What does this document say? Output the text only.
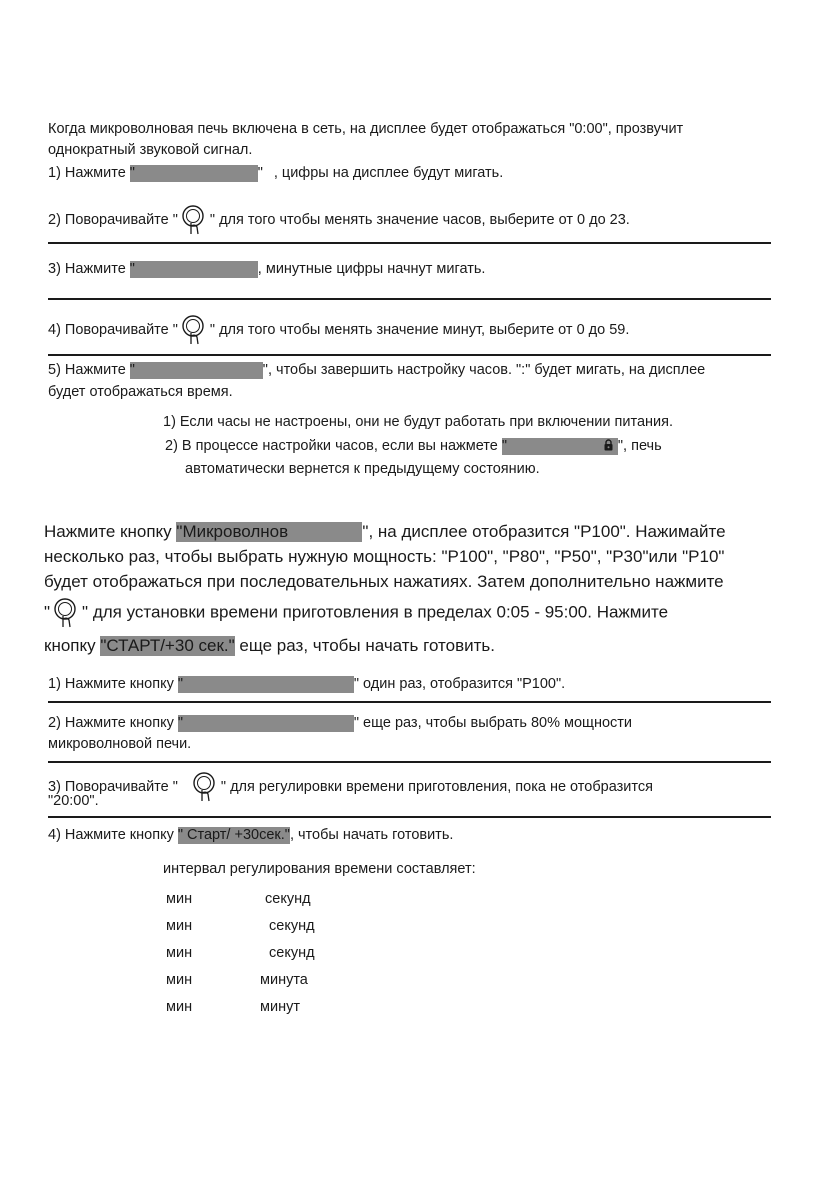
Когда микроволновая печь включена в сеть, на дисплее будет отображаться "0:00", прозвучит
однократный звуковой сигнал.
1) Нажмите "	" , цифры на дисплее будут мигать.
2) Поворачивайте " " для того чтобы менять значение часов, выберите от 0 до 23.
3) Нажмите "	, минутные цифры начнут мигать.
4) Поворачивайте " " для того чтобы менять значение минут, выберите от 0 до 59.
5) Нажмите "	", чтобы завершить настройку часов. ":" будет мигать, на дисплее
будет отображаться время.
1) Если часы не настроены, они не будут работать при включении питания.
2) В процессе настройки часов, если вы нажмете "	", печь
автоматически вернется к предыдущему состоянию.
Нажмите кнопку "Микроволнов	", на дисплее отобразится "P100". Нажимайте
несколько раз, чтобы выбрать нужную мощность: "P100", "P80", "P50", "P30"или "P10"
будет отображаться при последовательных нажатиях. Затем дополнительно нажмите
" " для установки времени приготовления в пределах 0:05 - 95:00. Нажмите
кнопку "СТАРТ/+30 сек." еще раз, чтобы начать готовить.
1) Нажмите кнопку "	" один раз, отобразится "P100".
2) Нажмите кнопку "	" еще раз, чтобы выбрать 80% мощности
микроволновой печи.
3) Поворачивайте "	" для регулировки времени приготовления, пока не отобразится
"20:00".
4) Нажмите кнопку " Старт/ +30сек.", чтобы начать готовить.
интервал регулирования времени составляет:
мин	секунд
мин	секунд
мин	секунд
мин	минута
мин	минут
